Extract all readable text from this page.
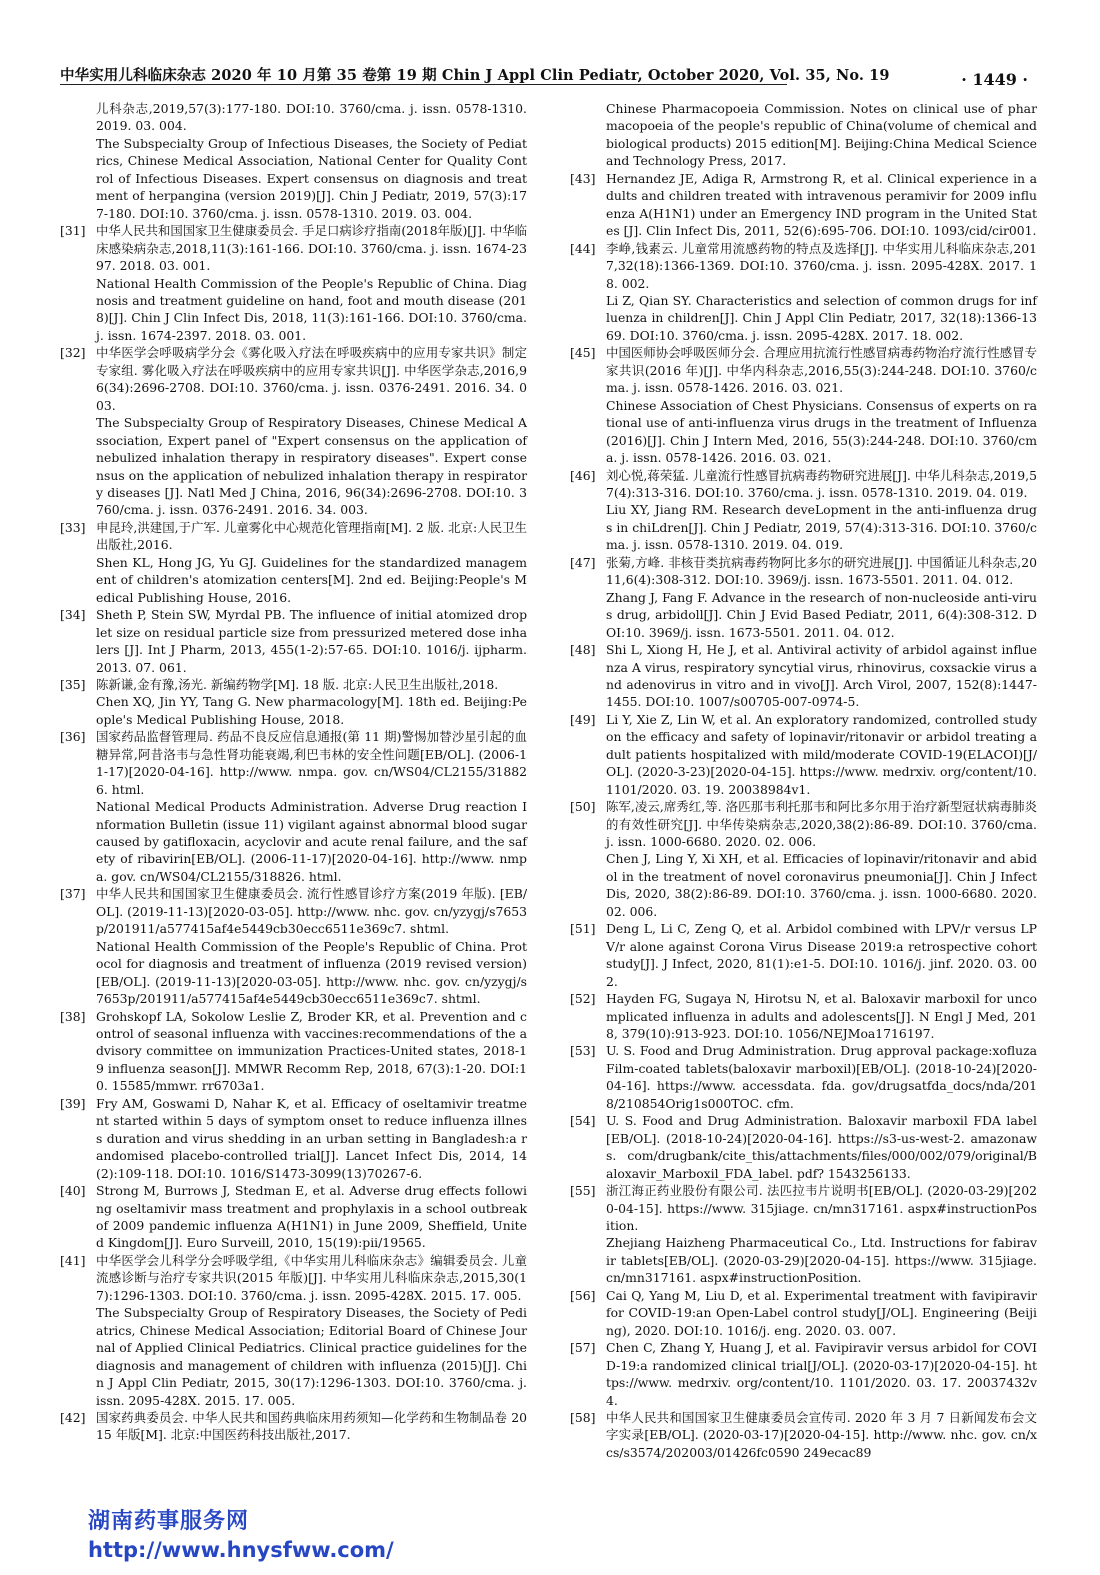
中华实用儿科临床杂志 2020 年 10 月第 35 卷第 19 期 Chin J Appl Clin Pediatr, October 2020, Vol. 35, No. 19	· 1449 ·
儿科杂志,2019,57(3):177-180. DOI:10. 3760/cma. j. issn. 0578-1310. 2019. 03. 004.
The Subspecialty Group of Infectious Diseases, the Society of Pediatrics, Chinese Medical Association, National Center for Quality Control of Infectious Diseases. Expert consensus on diagnosis and treatment of herpangina (version 2019)[J]. Chin J Pediatr, 2019, 57(3):177-180. DOI:10. 3760/cma. j. issn. 0578-1310. 2019. 03. 004.
[31] 中华人民共和国国家卫生健康委员会. 手足口病诊疗指南(2018年版)[J]. 中华临床感染病杂志,2018,11(3):161-166. DOI:10. 3760/cma. j. issn. 1674-2397. 2018. 03. 001.
National Health Commission of the People's Republic of China. Diagnosis and treatment guideline on hand, foot and mouth disease (2018)[J]. Chin J Clin Infect Dis, 2018, 11(3):161-166. DOI:10. 3760/cma. j. issn. 1674-2397. 2018. 03. 001.
[32] 中华医学会呼吸病学分会《雾化吸入疗法在呼吸疾病中的应用专家共识》制定专家组. 雾化吸入疗法在呼吸疾病中的应用专家共识[J]. 中华医学杂志,2016,96(34):2696-2708. DOI:10. 3760/cma. j. issn. 0376-2491. 2016. 34. 003.
The Subspecialty Group of Respiratory Diseases, Chinese Medical Association, Expert panel of "Expert consensus on the application of nebulized inhalation therapy in respiratory diseases". Expert consensus on the application of nebulized inhalation therapy in respiratory diseases [J]. Natl Med J China, 2016, 96(34):2696-2708. DOI:10. 3760/cma. j. issn. 0376-2491. 2016. 34. 003.
[33] 申昆玲,洪建国,于广军. 儿童雾化中心规范化管理指南[M]. 2 版. 北京:人民卫生出版社,2016.
Shen KL, Hong JG, Yu GJ. Guidelines for the standardized management of children's atomization centers[M]. 2nd ed. Beijing:People's Medical Publishing House, 2016.
[34] Sheth P, Stein SW, Myrdal PB. The influence of initial atomized droplet size on residual particle size from pressurized metered dose inhalers [J]. Int J Pharm, 2013, 455(1-2):57-65. DOI:10. 1016/j. ijpharm. 2013. 07. 061.
[35] 陈新谦,金有豫,汤光. 新编药物学[M]. 18 版. 北京:人民卫生出版社,2018.
Chen XQ, Jin YY, Tang G. New pharmacology[M]. 18th ed. Beijing:People's Medical Publishing House, 2018.
[36] 国家药品监督管理局. 药品不良反应信息通报(第 11 期)警惕加替沙星引起的血糖异常,阿昔洛韦与急性肾功能衰竭,利巴韦林的安全性问题[EB/OL]. (2006-11-17)[2020-04-16]. http://www. nmpa. gov. cn/WS04/CL2155/318826. html.
National Medical Products Administration. Adverse Drug reaction Information Bulletin (issue 11) vigilant against abnormal blood sugar caused by gatifloxacin, acyclovir and acute renal failure, and the safety of ribavirin[EB/OL]. (2006-11-17)[2020-04-16]. http://www. nmpa. gov. cn/WS04/CL2155/318826. html.
[37] 中华人民共和国国家卫生健康委员会. 流行性感冒诊疗方案(2019 年版). [EB/OL]. (2019-11-13)[2020-03-05]. http://www. nhc. gov. cn/yzygj/s7653p/201911/a577415af4e5449cb30ecc6511e369c7. shtml.
National Health Commission of the People's Republic of China. Protocol for diagnosis and treatment of influenza (2019 revised version)[EB/OL]. (2019-11-13)[2020-03-05]. http://www. nhc. gov. cn/yzygj/s7653p/201911/a577415af4e5449cb30ecc6511e369c7. shtml.
[38] Grohskopf LA, Sokolow Leslie Z, Broder KR, et al. Prevention and control of seasonal influenza with vaccines:recommendations of the advisory committee on immunization Practices-United states, 2018-19 influenza season[J]. MMWR Recomm Rep, 2018, 67(3):1-20. DOI:10. 15585/mmwr. rr6703a1.
[39] Fry AM, Goswami D, Nahar K, et al. Efficacy of oseltamivir treatment started within 5 days of symptom onset to reduce influenza illness duration and virus shedding in an urban setting in Bangladesh:a randomised placebo-controlled trial[J]. Lancet Infect Dis, 2014, 14(2):109-118. DOI:10. 1016/S1473-3099(13)70267-6.
[40] Strong M, Burrows J, Stedman E, et al. Adverse drug effects following oseltamivir mass treatment and prophylaxis in a school outbreak of 2009 pandemic influenza A(H1N1) in June 2009, Sheffield, United Kingdom[J]. Euro Surveill, 2010, 15(19):pii/19565.
[41] 中华医学会儿科学分会呼吸学组,《中华实用儿科临床杂志》编辑委员会. 儿童流感诊断与治疗专家共识(2015 年版)[J]. 中华实用儿科临床杂志,2015,30(17):1296-1303. DOI:10. 3760/cma. j. issn. 2095-428X. 2015. 17. 005.
The Subspecialty Group of Respiratory Diseases, the Society of Pediatrics, Chinese Medical Association; Editorial Board of Chinese Journal of Applied Clinical Pediatrics. Clinical practice guidelines for the diagnosis and management of children with influenza (2015)[J]. Chin J Appl Clin Pediatr, 2015, 30(17):1296-1303. DOI:10. 3760/cma. j. issn. 2095-428X. 2015. 17. 005.
[42] 国家药典委员会. 中华人民共和国药典临床用药须知—化学药和生物制品卷 2015 年版[M]. 北京:中国医药科技出版社,2017.
Chinese Pharmacopoeia Commission. Notes on clinical use of pharmacopoeia of the people's republic of China(volume of chemical and biological products) 2015 edition[M]. Beijing:China Medical Science and Technology Press, 2017.
[43] Hernandez JE, Adiga R, Armstrong R, et al. Clinical experience in adults and children treated with intravenous peramivir for 2009 influenza A(H1N1) under an Emergency IND program in the United States [J]. Clin Infect Dis, 2011, 52(6):695-706. DOI:10. 1093/cid/cir001.
[44] 李峥,钱素云. 儿童常用流感药物的特点及选择[J]. 中华实用儿科临床杂志,2017,32(18):1366-1369. DOI:10. 3760/cma. j. issn. 2095-428X. 2017. 18. 002.
Li Z, Qian SY. Characteristics and selection of common drugs for influenza in children[J]. Chin J Appl Clin Pediatr, 2017, 32(18):1366-1369. DOI:10. 3760/cma. j. issn. 2095-428X. 2017. 18. 002.
[45] 中国医师协会呼吸医师分会. 合理应用抗流行性感冒病毒药物治疗流行性感冒专家共识(2016 年)[J]. 中华内科杂志,2016,55(3):244-248. DOI:10. 3760/cma. j. issn. 0578-1426. 2016. 03. 021.
Chinese Association of Chest Physicians. Consensus of experts on rational use of anti-influenza virus drugs in the treatment of Influenza (2016)[J]. Chin J Intern Med, 2016, 55(3):244-248. DOI:10. 3760/cma. j. issn. 0578-1426. 2016. 03. 021.
[46] 刘心悦,蒋荣猛. 儿童流行性感冒抗病毒药物研究进展[J]. 中华儿科杂志,2019,57(4):313-316. DOI:10. 3760/cma. j. issn. 0578-1310. 2019. 04. 019.
Liu XY, Jiang RM. Research deveLopment in the anti-influenza drugs in chiLdren[J]. Chin J Pediatr, 2019, 57(4):313-316. DOI:10. 3760/cma. j. issn. 0578-1310. 2019. 04. 019.
[47] 张菊,方峰. 非核苷类抗病毒药物阿比多尔的研究进展[J]. 中国循证儿科杂志,2011,6(4):308-312. DOI:10. 3969/j. issn. 1673-5501. 2011. 04. 012.
Zhang J, Fang F. Advance in the research of non-nucleoside anti-virus drug, arbidoll[J]. Chin J Evid Based Pediatr, 2011, 6(4):308-312. DOI:10. 3969/j. issn. 1673-5501. 2011. 04. 012.
[48] Shi L, Xiong H, He J, et al. Antiviral activity of arbidol against influenza A virus, respiratory syncytial virus, rhinovirus, coxsackie virus and adenovirus in vitro and in vivo[J]. Arch Virol, 2007, 152(8):1447-1455. DOI:10. 1007/s00705-007-0974-5.
[49] Li Y, Xie Z, Lin W, et al. An exploratory randomized, controlled study on the efficacy and safety of lopinavir/ritonavir or arbidol treating adult patients hospitalized with mild/moderate COVID-19(ELACOI)[J/OL]. (2020-3-23)[2020-04-15]. https://www. medrxiv. org/content/10. 1101/2020. 03. 19. 20038984v1.
[50] 陈军,凌云,席秀红,等. 洛匹那韦利托那韦和阿比多尔用于治疗新型冠状病毒肺炎的有效性研究[J]. 中华传染病杂志,2020,38(2):86-89. DOI:10. 3760/cma. j. issn. 1000-6680. 2020. 02. 006.
Chen J, Ling Y, Xi XH, et al. Efficacies of lopinavir/ritonavir and abidol in the treatment of novel coronavirus pneumonia[J]. Chin J Infect Dis, 2020, 38(2):86-89. DOI:10. 3760/cma. j. issn. 1000-6680. 2020. 02. 006.
[51] Deng L, Li C, Zeng Q, et al. Arbidol combined with LPV/r versus LPV/r alone against Corona Virus Disease 2019:a retrospective cohort study[J]. J Infect, 2020, 81(1):e1-5. DOI:10. 1016/j. jinf. 2020. 03. 002.
[52] Hayden FG, Sugaya N, Hirotsu N, et al. Baloxavir marboxil for uncomplicated influenza in adults and adolescents[J]. N Engl J Med, 2018, 379(10):913-923. DOI:10. 1056/NEJMoa1716197.
[53] U. S. Food and Drug Administration. Drug approval package:xofluza Film-coated tablets(baloxavir marboxil)[EB/OL]. (2018-10-24)[2020-04-16]. https://www. accessdata. fda. gov/drugsatfda_docs/nda/2018/210854Orig1s000TOC. cfm.
[54] U. S. Food and Drug Administration. Baloxavir marboxil FDA label [EB/OL]. (2018-10-24)[2020-04-16]. https://s3-us-west-2. amazonaws. com/drugbank/cite_this/attachments/files/000/002/079/original/Baloxavir_Marboxil_FDA_label. pdf? 1543256133.
[55] 浙江海正药业股份有限公司. 法匹拉韦片说明书[EB/OL]. (2020-03-29)[2020-04-15]. https://www. 315jiage. cn/mn317161. aspx#instructionPosition.
Zhejiang Haizheng Pharmaceutical Co., Ltd. Instructions for fabiravir tablets[EB/OL]. (2020-03-29)[2020-04-15]. https://www. 315jiage. cn/mn317161. aspx#instructionPosition.
[56] Cai Q, Yang M, Liu D, et al. Experimental treatment with favipiravir for COVID-19:an Open-Label control study[J/OL]. Engineering (Beijing), 2020. DOI:10. 1016/j. eng. 2020. 03. 007.
[57] Chen C, Zhang Y, Huang J, et al. Favipiravir versus arbidol for COVID-19:a randomized clinical trial[J/OL]. (2020-03-17)[2020-04-15]. https://www. medrxiv. org/content/10. 1101/2020. 03. 17. 20037432v4.
[58] 中华人民共和国国家卫生健康委员会宣传司. 2020 年 3 月 7 日新闻发布会文字实录[EB/OL]. (2020-03-17)[2020-04-15]. http://www. nhc. gov. cn/xcs/s3574/202003/01426fc0590 249ecac89
湖南药事服务网
http://www.hnysfww.com/
